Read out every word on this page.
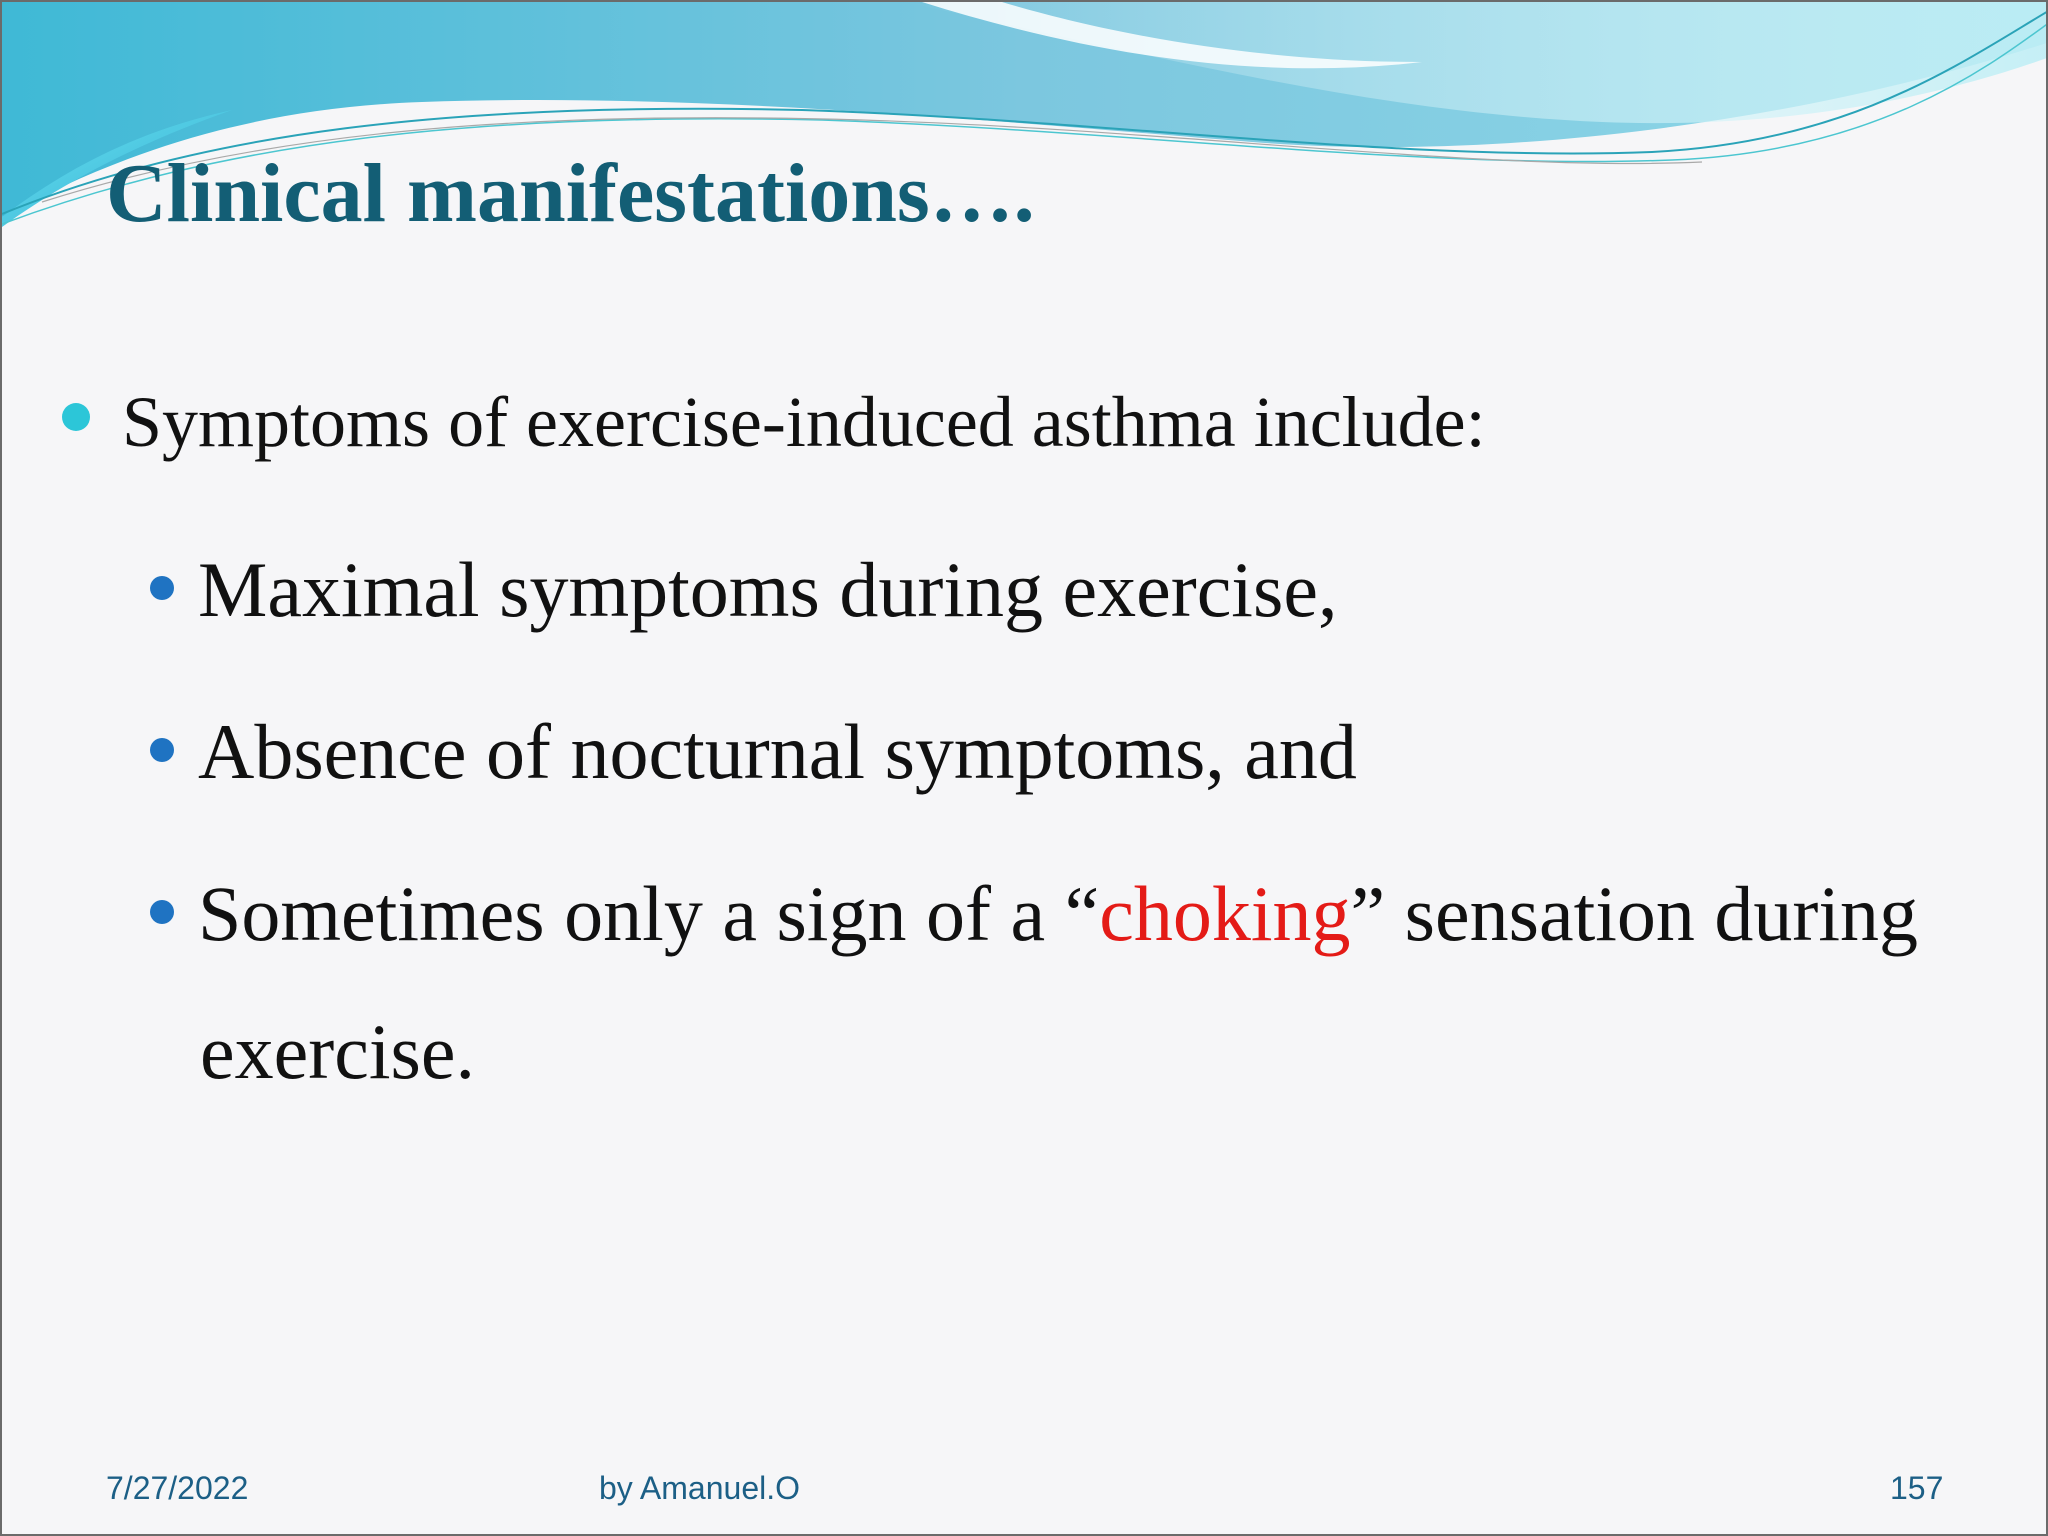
Clinical manifestations….
Symptoms of exercise-induced asthma include:
Maximal symptoms during exercise,
Absence of nocturnal symptoms, and
Sometimes only a sign of a “choking” sensation during
exercise.
7/27/2022	by Amanuel.O	157
